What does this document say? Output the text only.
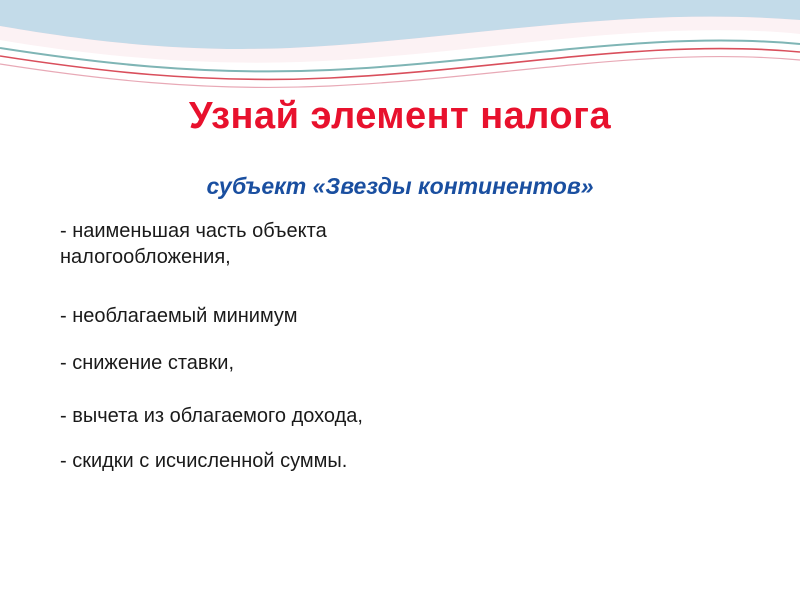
Узнай элемент налога
субъект «Звезды континентов»
- наименьшая часть объекта налогообложения,
- необлагаемый минимум
- снижение ставки,
- вычета из облагаемого дохода,
- скидки с исчисленной суммы.
